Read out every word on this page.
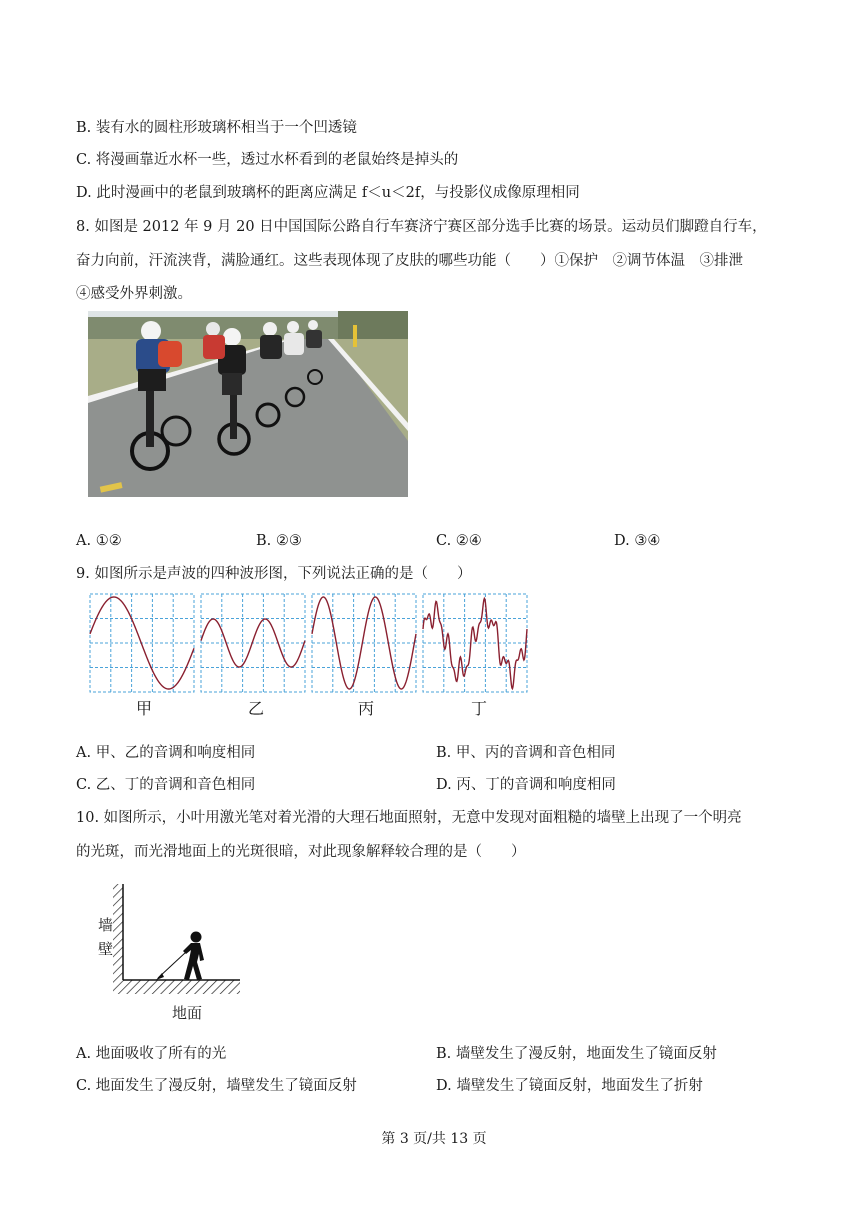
B. 装有水的圆柱形玻璃杯相当于一个凹透镜
C. 将漫画靠近水杯一些，透过水杯看到的老鼠始终是掉头的
D. 此时漫画中的老鼠到玻璃杯的距离应满足 f＜u＜2f，与投影仪成像原理相同
8. 如图是 2012 年 9 月 20 日中国国际公路自行车赛济宁赛区部分选手比赛的场景。运动员们脚蹬自行车，
奋力向前，汗流浃背，满脸通红。这些表现体现了皮肤的哪些功能（　　）①保护　②调节体温　③排泄
④感受外界刺激。
A. ①②	B. ②③	C. ②④	D. ③④
9. 如图所示是声波的四种波形图，下列说法正确的是（　　）
甲	乙	丙	丁
A. 甲、乙的音调和响度相同	B. 甲、丙的音调和音色相同
C. 乙、丁的音调和音色相同	D. 丙、丁的音调和响度相同
10. 如图所示，小叶用激光笔对着光滑的大理石地面照射，无意中发现对面粗糙的墙壁上出现了一个明亮
的光斑，而光滑地面上的光斑很暗，对此现象解释较合理的是（　　）
墙
壁
地面
A. 地面吸收了所有的光	B. 墙壁发生了漫反射，地面发生了镜面反射
C. 地面发生了漫反射，墙壁发生了镜面反射	D. 墙壁发生了镜面反射，地面发生了折射
第 3 页/共 13 页
